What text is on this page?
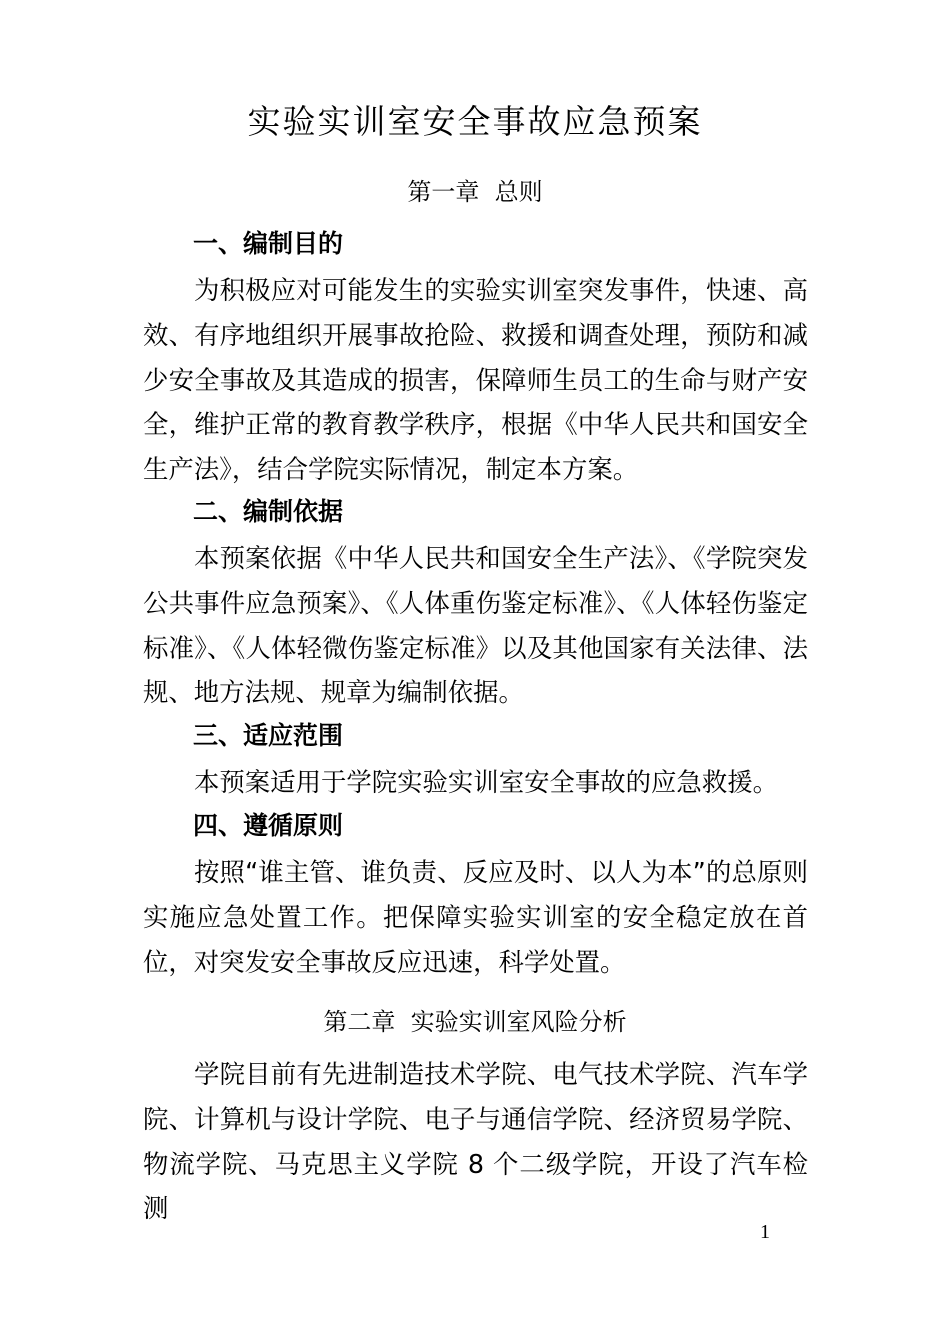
实验实训室安全事故应急预案
第一章  总则
一、编制目的

为积极应对可能发生的实验实训室突发事件，快速、高效、有序地组织开展事故抢险、救援和调查处理，预防和减少安全事故及其造成的损害，保障师生员工的生命与财产安全，维护正常的教育教学秩序，根据《中华人民共和国安全生产法》，结合学院实际情况，制定本方案。

二、编制依据

本预案依据《中华人民共和国安全生产法》、《学院突发公共事件应急预案》、《人体重伤鉴定标准》、《人体轻伤鉴定标准》、《人体轻微伤鉴定标准》以及其他国家有关法律、法规、地方法规、规章为编制依据。

三、适应范围

本预案适用于学院实验实训室安全事故的应急救援。

四、遵循原则

按照“谁主管、谁负责、反应及时、以人为本”的总原则实施应急处置工作。把保障实验实训室的安全稳定放在首位，对突发安全事故反应迅速，科学处置。

第二章  实验实训室风险分析

学院目前有先进制造技术学院、电气技术学院、汽车学院、计算机与设计学院、电子与通信学院、经济贸易学院、物流学院、马克思主义学院 8 个二级学院，开设了汽车检测

1
